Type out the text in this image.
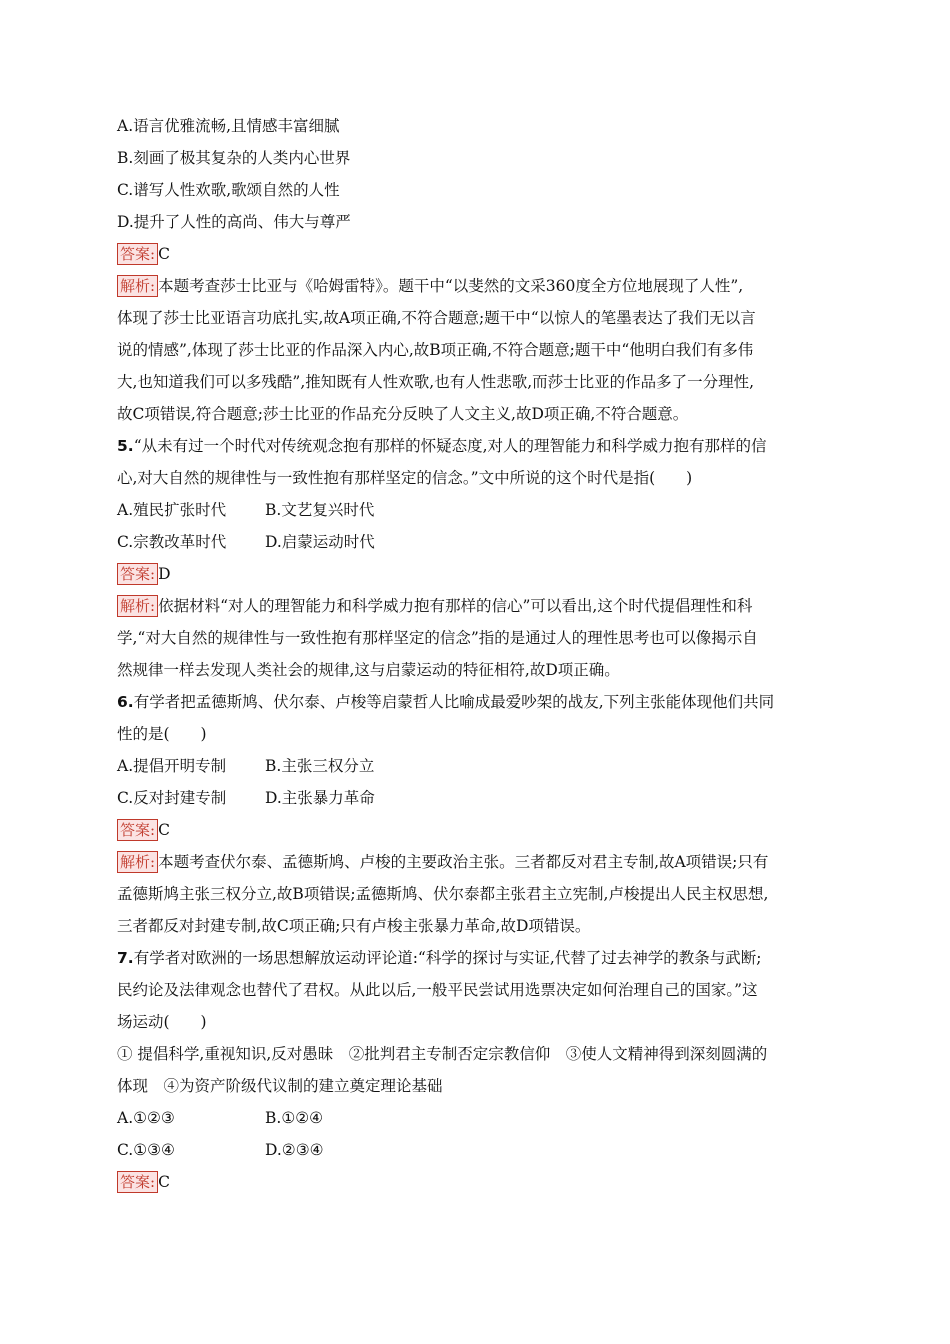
A.语言优雅流畅,且情感丰富细腻
B.刻画了极其复杂的人类内心世界
C.谱写人性欢歌,歌颂自然的人性
D.提升了人性的高尚、伟大与尊严
答案: C
解析: 本题考查莎士比亚与《哈姆雷特》。题干中“以斐然的文采360度全方位地展现了人性”,
体现了莎士比亚语言功底扎实,故A项正确,不符合题意;题干中“以惊人的笔墨表达了我们无以言
说的情感”,体现了莎士比亚的作品深入内心,故B项正确,不符合题意;题干中“他明白我们有多伟
大,也知道我们可以多残酷”,推知既有人性欢歌,也有人性悲歌,而莎士比亚的作品多了一分理性,
故C项错误,符合题意;莎士比亚的作品充分反映了人文主义,故D项正确,不符合题意。
5.“从未有过一个时代对传统观念抱有那样的怀疑态度,对人的理智能力和科学威力抱有那样的信
心,对大自然的规律性与一致性抱有那样坚定的信念。”文中所说的这个时代是指(　　)
A.殖民扩张时代	B.文艺复兴时代
C.宗教改革时代	D.启蒙运动时代
答案: D
解析: 依据材料“对人的理智能力和科学威力抱有那样的信心”可以看出,这个时代提倡理性和科
学,“对大自然的规律性与一致性抱有那样坚定的信念”指的是通过人的理性思考也可以像揭示自
然规律一样去发现人类社会的规律,这与启蒙运动的特征相符,故D项正确。
6.有学者把孟德斯鸠、伏尔泰、卢梭等启蒙哲人比喻成最爱吵架的战友,下列主张能体现他们共同
性的是(　　)
A.提倡开明专制	B.主张三权分立
C.反对封建专制	D.主张暴力革命
答案: C
解析: 本题考查伏尔泰、孟德斯鸠、卢梭的主要政治主张。三者都反对君主专制,故A项错误;只有
孟德斯鸠主张三权分立,故B项错误;孟德斯鸠、伏尔泰都主张君主立宪制,卢梭提出人民主权思想,
三者都反对封建专制,故C项正确;只有卢梭主张暴力革命,故D项错误。
7.有学者对欧洲的一场思想解放运动评论道:“科学的探讨与实证,代替了过去神学的教条与武断;
民约论及法律观念也替代了君权。从此以后,一般平民尝试用选票决定如何治理自己的国家。”这
场运动(　　)
① 提倡科学,重视知识,反对愚昧　②批判君主专制否定宗教信仰　③使人文精神得到深刻圆满的
体现　④为资产阶级代议制的建立奠定理论基础
A.①②③	B.①②④
C.①③④	D.②③④
答案: C
